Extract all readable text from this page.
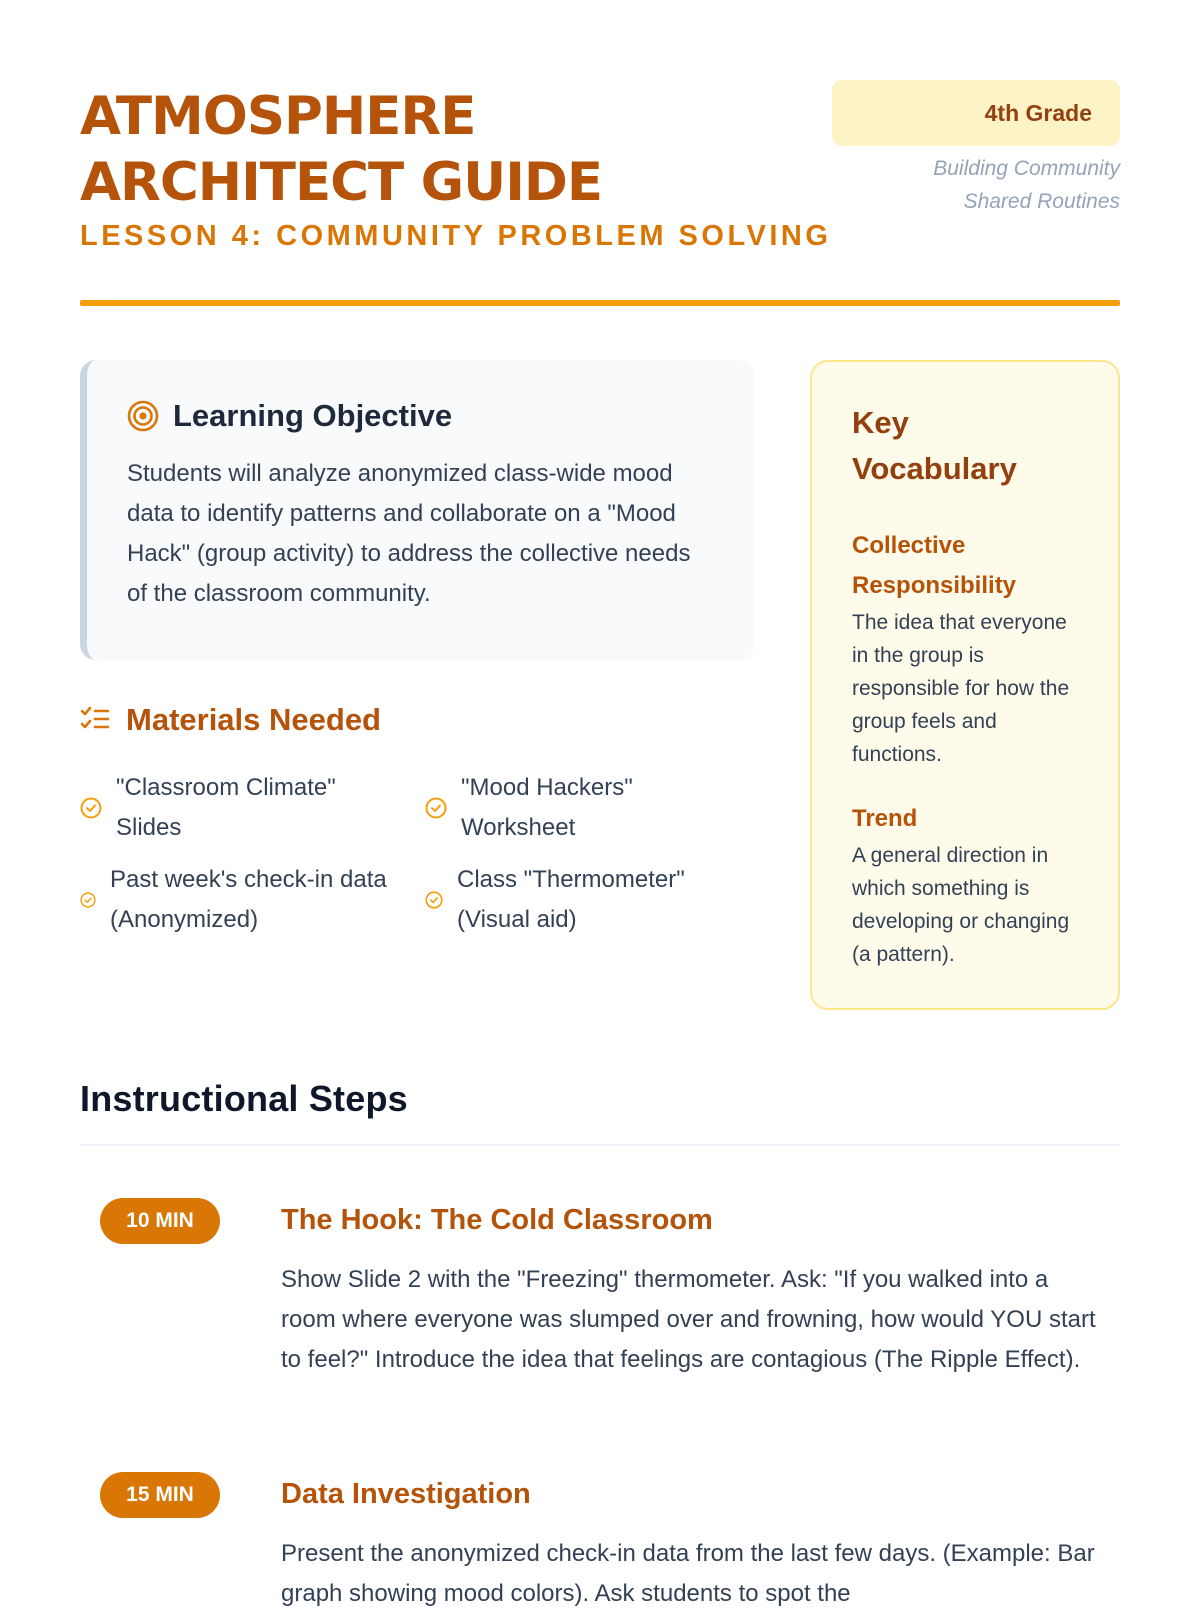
ATMOSPHERE
ARCHITECT GUIDE
LESSON 4: COMMUNITY PROBLEM SOLVING
4th Grade
Building Community
Shared Routines
Learning Objective
Students will analyze anonymized class-wide mood data to identify patterns and collaborate on a "Mood Hack" (group activity) to address the collective needs of the classroom community.
Materials Needed
"Classroom Climate" Slides
"Mood Hackers" Worksheet
Past week's check-in data (Anonymized)
Class "Thermometer" (Visual aid)
Key Vocabulary
Collective Responsibility
The idea that everyone in the group is responsible for how the group feels and functions.
Trend
A general direction in which something is developing or changing (a pattern).
Instructional Steps
10 MIN	The Hook: The Cold Classroom
Show Slide 2 with the "Freezing" thermometer. Ask: "If you walked into a room where everyone was slumped over and frowning, how would YOU start to feel?" Introduce the idea that feelings are contagious (The Ripple Effect).
15 MIN	Data Investigation
Present the anonymized check-in data from the last few days. (Example: Bar graph showing mood colors). Ask students to spot the
